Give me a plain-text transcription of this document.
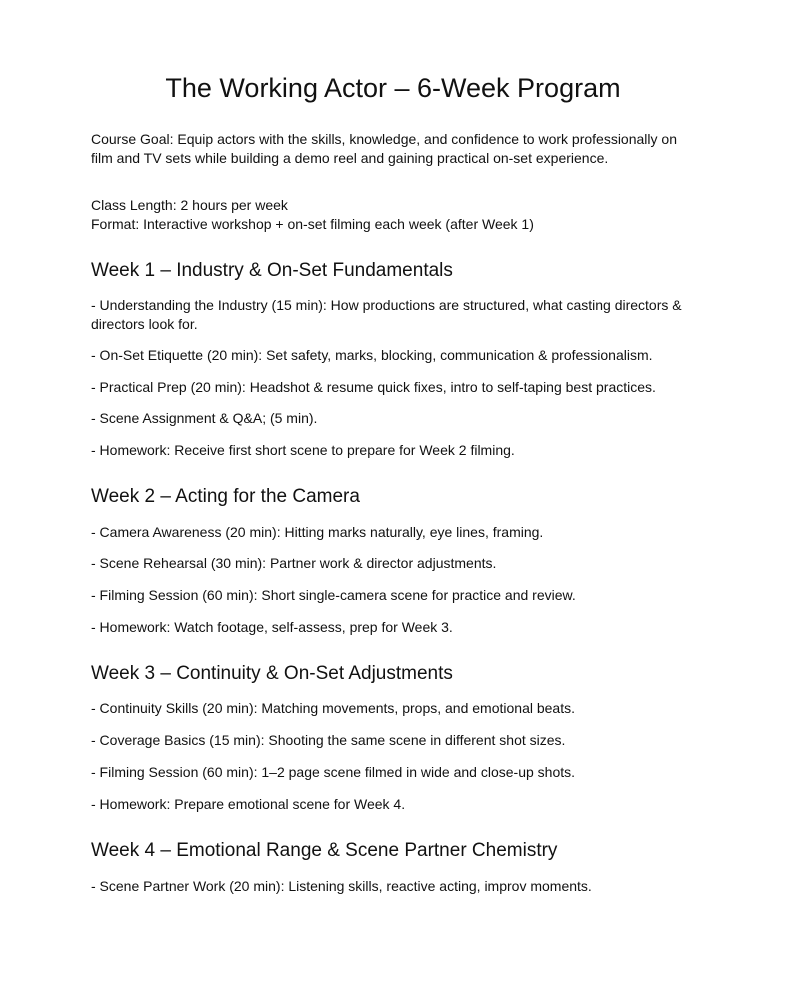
The Working Actor – 6-Week Program

Course Goal: Equip actors with the skills, knowledge, and confidence to work professionally on film and TV sets while building a demo reel and gaining practical on-set experience.

Class Length: 2 hours per week

Format: Interactive workshop + on-set filming each week (after Week 1)

Week 1 – Industry & On-Set Fundamentals

- Understanding the Industry (15 min): How productions are structured, what casting directors & directors look for.

- On-Set Etiquette (20 min): Set safety, marks, blocking, communication & professionalism.

- Practical Prep (20 min): Headshot & resume quick fixes, intro to self-taping best practices.

- Scene Assignment & Q&A; (5 min).

- Homework: Receive first short scene to prepare for Week 2 filming.

Week 2 – Acting for the Camera

- Camera Awareness (20 min): Hitting marks naturally, eye lines, framing.

- Scene Rehearsal (30 min): Partner work & director adjustments.

- Filming Session (60 min): Short single-camera scene for practice and review.

- Homework: Watch footage, self-assess, prep for Week 3.

Week 3 – Continuity & On-Set Adjustments

- Continuity Skills (20 min): Matching movements, props, and emotional beats.

- Coverage Basics (15 min): Shooting the same scene in different shot sizes.

- Filming Session (60 min): 1–2 page scene filmed in wide and close-up shots.

- Homework: Prepare emotional scene for Week 4.

Week 4 – Emotional Range & Scene Partner Chemistry

- Scene Partner Work (20 min): Listening skills, reactive acting, improv moments.
